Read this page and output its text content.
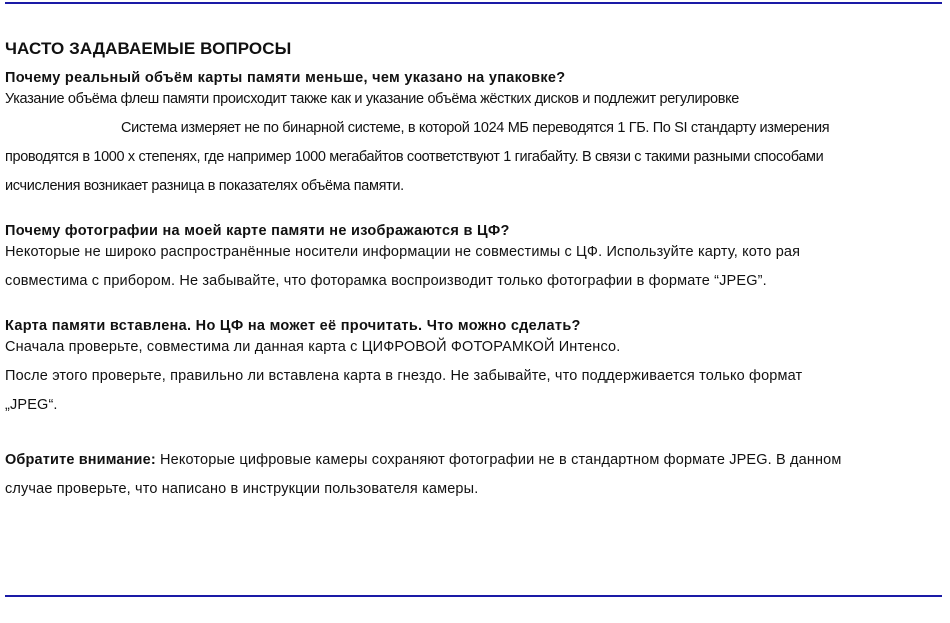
ЧАСТО ЗАДАВАЕМЫЕ ВОПРОСЫ
Почему реальный объём карты памяти меньше, чем указано на упаковке?

Указание объёма флеш памяти происходит также как и указание объёма жёстких дисков и подлежит регулировке

Система измеряет не по бинарной системе, в которой 1024 МБ переводятся 1 ГБ. По SI стандарту измерения

проводятся в 1000 x степенях, где например 1000 мегабайтов соответствуют 1 гигабайту. В связи с такими разными способами

исчисления возникает разница в показателях объёма памяти.

Почему фотографии на моей карте памяти не изображаются в ЦФ?

Некоторые не широко распространённые носители информации не совместимы с ЦФ. Используйте карту, кото рая

совместима с прибором. Не забывайте, что фоторамка воспроизводит только фотографии в формате “JPEG”.

Карта памяти вставлена. Но ЦФ на может её прочитать. Что можно сделать?

Сначала проверьте, совместима ли данная карта с ЦИФРОВОЙ ФОТОРАМКОЙ Интенсо.

После этого проверьте, правильно ли вставлена карта в гнездо. Не забывайте, что поддерживается только формат

„JPEG“.

Обратите внимание: Некоторые цифровые камеры сохраняют фотографии не в стандартном формате JPEG. В данном

случае проверьте, что написано в инструкции пользователя камеры.
